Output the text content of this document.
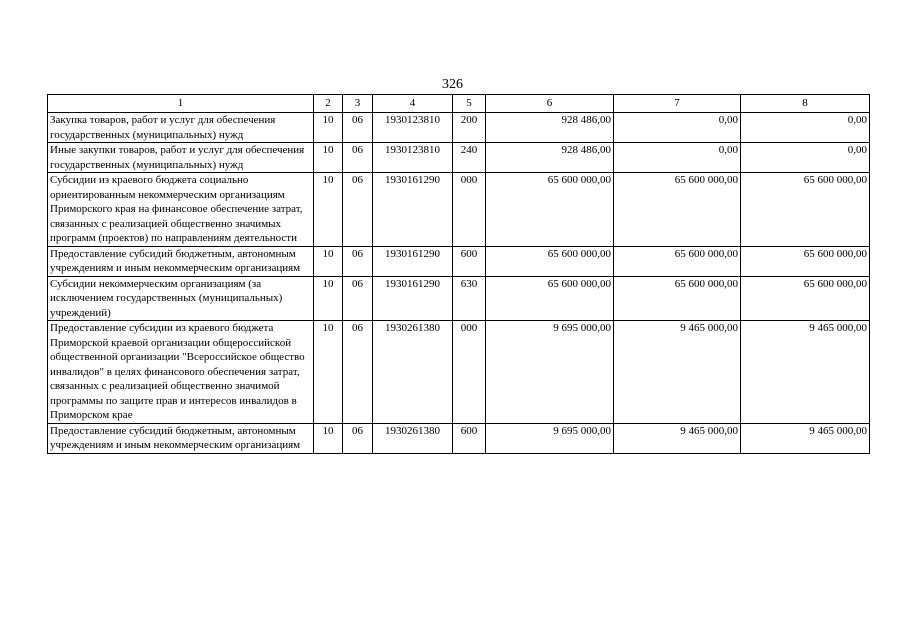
326
1	2	3	4	5	6	7	8
Закупка товаров, работ и услуг для обеспечения государственных (муниципальных) нужд	10	06	1930123810	200	928 486,00	0,00	0,00
Иные закупки товаров, работ и услуг для обеспечения государственных (муниципальных) нужд	10	06	1930123810	240	928 486,00	0,00	0,00
Субсидии из краевого бюджета социально ориентированным некоммерческим организациям Приморского края на финансовое обеспечение затрат, связанных с реализацией общественно значимых программ (проектов) по направлениям деятельности	10	06	1930161290	000	65 600 000,00	65 600 000,00	65 600 000,00
Предоставление субсидий бюджетным, автономным учреждениям и иным некоммерческим организациям	10	06	1930161290	600	65 600 000,00	65 600 000,00	65 600 000,00
Субсидии некоммерческим организациям (за исключением государственных (муниципальных) учреждений)	10	06	1930161290	630	65 600 000,00	65 600 000,00	65 600 000,00
Предоставление субсидии из краевого бюджета Приморской краевой организации общероссийской общественной организации "Всероссийское общество инвалидов" в целях финансового обеспечения затрат, связанных с реализацией общественно значимой программы по защите прав и интересов инвалидов в Приморском крае	10	06	1930261380	000	9 695 000,00	9 465 000,00	9 465 000,00
Предоставление субсидий бюджетным, автономным учреждениям и иным некоммерческим организациям	10	06	1930261380	600	9 695 000,00	9 465 000,00	9 465 000,00
